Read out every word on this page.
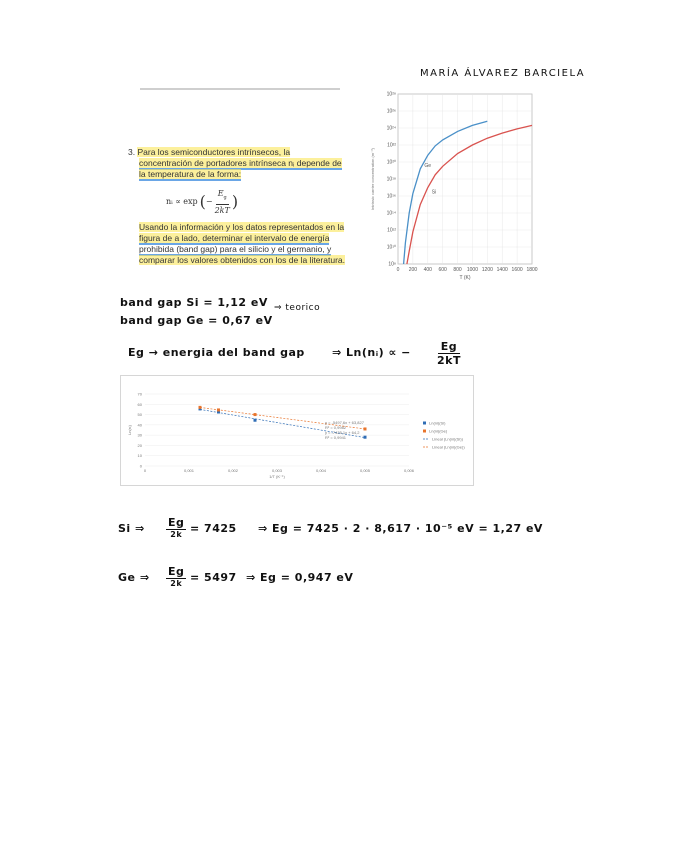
MARÍA ÁLVAREZ BARCIELA
3. Para los semiconductores intrínsecos, la
concentración de portadores intrínseca nᵢ depende de
la temperatura de la forma:
nᵢ ∝ exp ( − $\frac{E_g}{2kT}$ )
Usando la información y los datos representados en la
figura de a lado, determinar el intervalo de energía
prohibida (band gap) para el silicio y el germanio, y
comparar los valores obtenidos con los de la literatura.	10⁸
10¹⁰
10¹²
10¹⁴
10¹⁶
10¹⁸
10²⁰
10²²
10²⁴
10²⁶
10²⁸
0 200 400 600 800 1000 1200 1400 1600 1800
T (K)
Intrinsic carrier concentration (m⁻³)	Ge
Si
band gap Si = 1,12 eV
band gap Ge = 0,67 eV
⇒ teorico
Eg → energia del band gap ⇒ Ln(nᵢ) ∝ −	Eg
2kT
0
10
20
30
40
50
60
70
0	0,001	0,002	0,003	0,004	0,005	0,006
1/T (K⁻¹)
Ln(nᵢ)
Ln(ni)(Si)
Ln(ni)(Ge)
Lineal (Ln(ni)(Si))
Lineal (Ln(ni)(Ge))
y = -5497,6x + 63,827
R² = 0,9982
y = -7425,1x + 64,2
R² = 0,9941
Si ⇒ Eg
2k = 7425 ⇒ Eg = 7425 · 2 · 8,617 · 10⁻⁵ eV = 1,27 eV
Ge ⇒ Eg
2k = 5497 ⇒ Eg = 0,947 eV
